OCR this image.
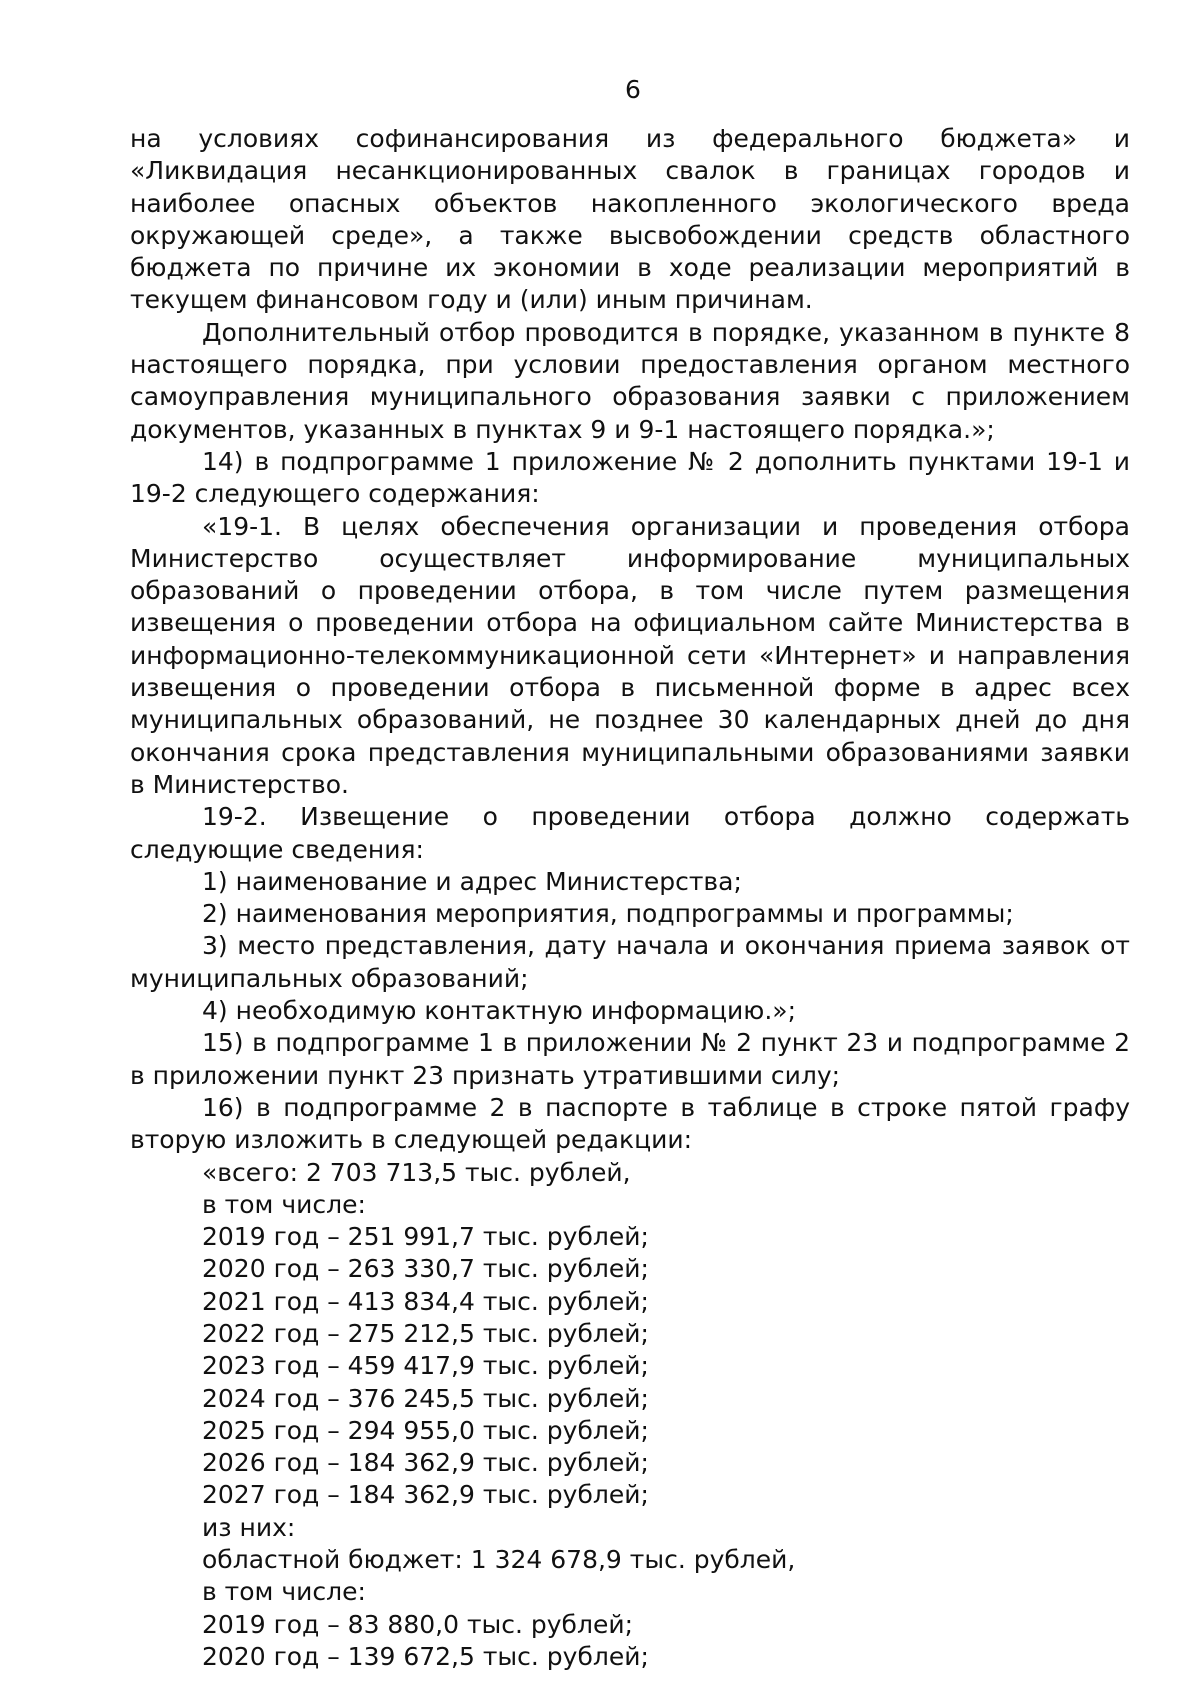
6

на условиях софинансирования из федерального бюджета» и «Ликвидация несанкционированных свалок в границах городов и наиболее опасных объектов накопленного экологического вреда окружающей среде», а также высвобождении средств областного бюджета по причине их экономии в ходе реализации мероприятий в текущем финансовом году и (или) иным причинам.

Дополнительный отбор проводится в порядке, указанном в пункте 8 настоящего порядка, при условии предоставления органом местного самоуправления муниципального образования заявки с приложением документов, указанных в пунктах 9 и 9-1 настоящего порядка.»;

14) в подпрограмме 1 приложение № 2 дополнить пунктами 19-1 и 19-2 следующего содержания:

«19-1. В целях обеспечения организации и проведения отбора Министерство осуществляет информирование муниципальных образований о проведении отбора, в том числе путем размещения извещения о проведении отбора на официальном сайте Министерства в информационно-телекоммуникационной сети «Интернет» и направления извещения о проведении отбора в письменной форме в адрес всех муниципальных образований, не позднее 30 календарных дней до дня окончания срока представления муниципальными образованиями заявки в Министерство.

19-2. Извещение о проведении отбора должно содержать следующие сведения:

1) наименование и адрес Министерства;

2) наименования мероприятия, подпрограммы и программы;

3) место представления, дату начала и окончания приема заявок от муниципальных образований;

4) необходимую контактную информацию.»;

15) в подпрограмме 1 в приложении № 2 пункт 23 и подпрограмме 2 в приложении пункт 23 признать утратившими силу;

16) в подпрограмме 2 в паспорте в таблице в строке пятой графу вторую изложить в следующей редакции:

«всего: 2 703 713,5 тыс. рублей,

в том числе:

2019 год – 251 991,7 тыс. рублей;

2020 год – 263 330,7 тыс. рублей;

2021 год – 413 834,4 тыс. рублей;

2022 год – 275 212,5 тыс. рублей;

2023 год – 459 417,9 тыс. рублей;

2024 год – 376 245,5 тыс. рублей;

2025 год – 294 955,0 тыс. рублей;

2026 год – 184 362,9 тыс. рублей;

2027 год – 184 362,9 тыс. рублей;

из них:

областной бюджет: 1 324 678,9 тыс. рублей,

в том числе:

2019 год – 83 880,0 тыс. рублей;

2020 год – 139 672,5 тыс. рублей;
